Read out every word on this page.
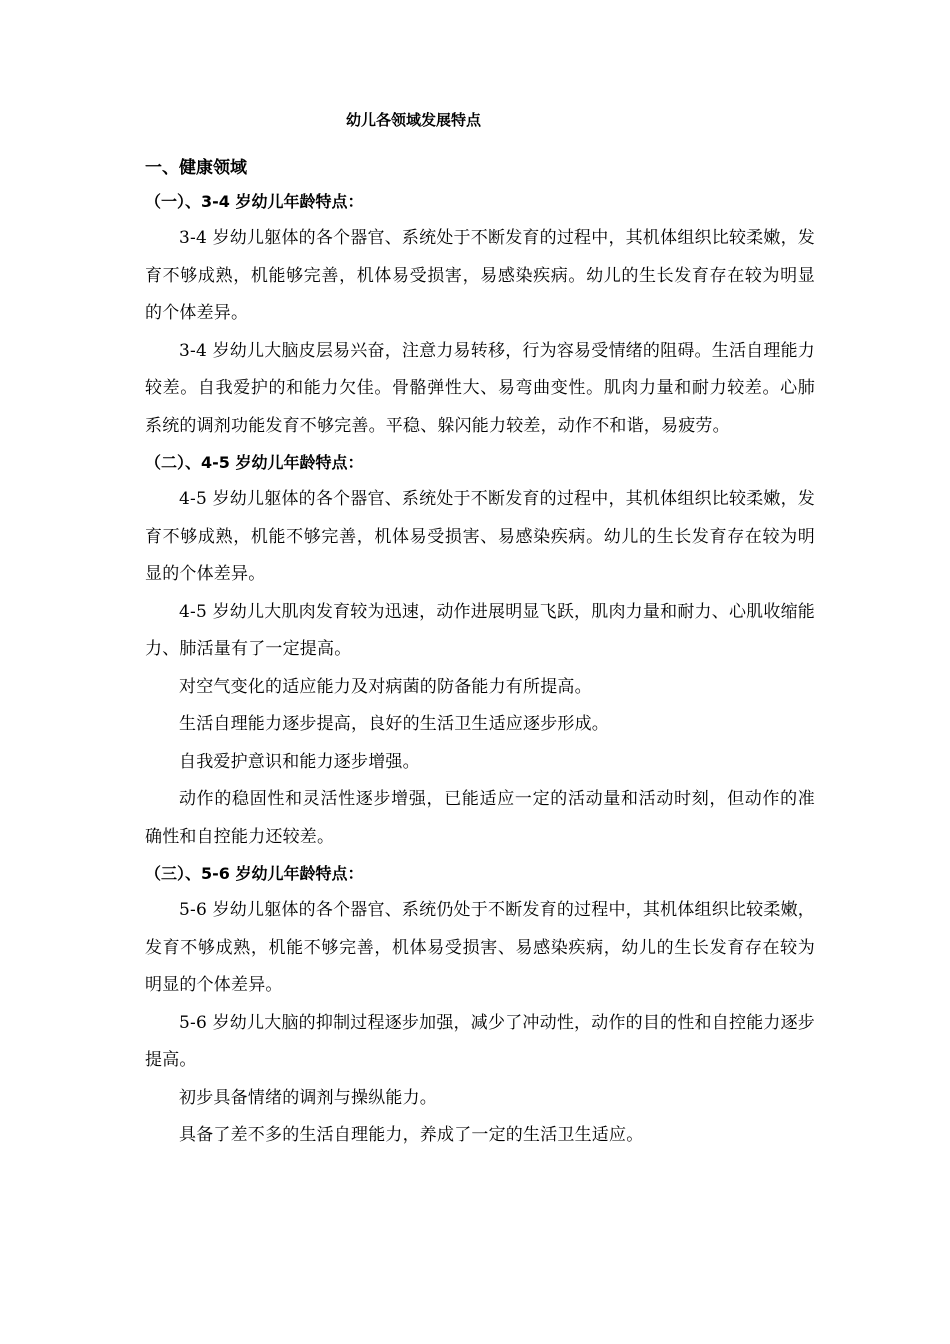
幼儿各领域发展特点
一、健康领域
（一）、3-4 岁幼儿年龄特点：

3-4 岁幼儿躯体的各个器官、系统处于不断发育的过程中，其机体组织比较柔嫩，发育不够成熟，机能够完善，机体易受损害，易感染疾病。幼儿的生长发育存在较为明显的个体差异。

3-4 岁幼儿大脑皮层易兴奋，注意力易转移，行为容易受情绪的阻碍。生活自理能力较差。自我爱护的和能力欠佳。骨骼弹性大、易弯曲变性。肌肉力量和耐力较差。心肺系统的调剂功能发育不够完善。平稳、躲闪能力较差，动作不和谐，易疲劳。

（二）、4-5 岁幼儿年龄特点：

4-5 岁幼儿躯体的各个器官、系统处于不断发育的过程中，其机体组织比较柔嫩，发育不够成熟，机能不够完善，机体易受损害、易感染疾病。幼儿的生长发育存在较为明显的个体差异。

4-5 岁幼儿大肌肉发育较为迅速，动作进展明显飞跃，肌肉力量和耐力、心肌收缩能力、肺活量有了一定提高。

对空气变化的适应能力及对病菌的防备能力有所提高。

生活自理能力逐步提高，良好的生活卫生适应逐步形成。

自我爱护意识和能力逐步增强。

动作的稳固性和灵活性逐步增强，已能适应一定的活动量和活动时刻，但动作的准确性和自控能力还较差。

（三）、5-6 岁幼儿年龄特点：

5-6 岁幼儿躯体的各个器官、系统仍处于不断发育的过程中，其机体组织比较柔嫩，发育不够成熟，机能不够完善，机体易受损害、易感染疾病，幼儿的生长发育存在较为明显的个体差异。

5-6 岁幼儿大脑的抑制过程逐步加强，减少了冲动性，动作的目的性和自控能力逐步提高。

初步具备情绪的调剂与操纵能力。

具备了差不多的生活自理能力，养成了一定的生活卫生适应。
